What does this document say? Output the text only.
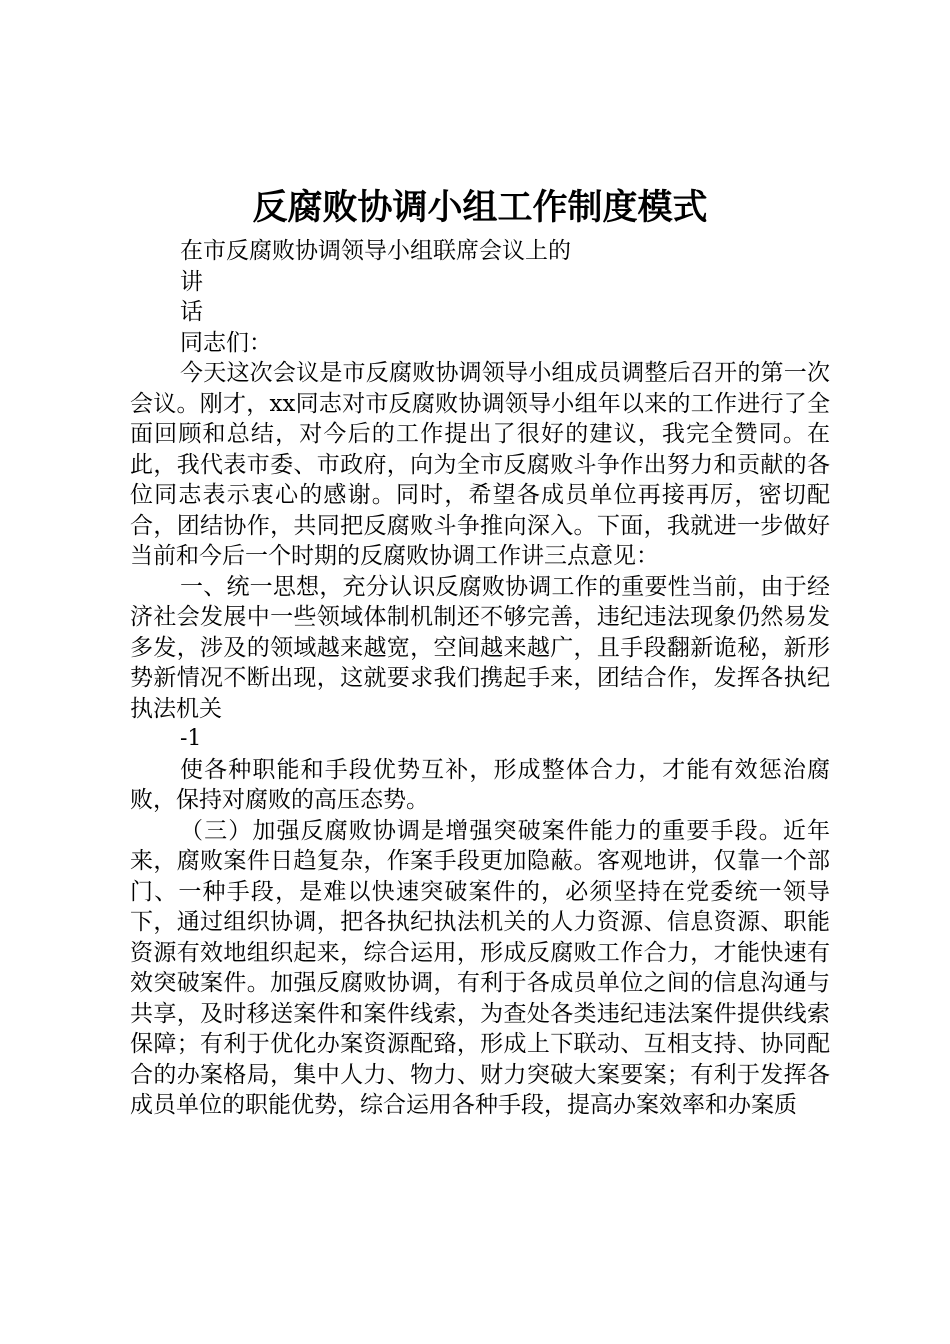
反腐败协调小组工作制度模式

在市反腐败协调领导小组联席会议上的

讲

话

同志们：

今天这次会议是市反腐败协调领导小组成员调整后召开的第一次会议。刚才，xx同志对市反腐败协调领导小组年以来的工作进行了全面回顾和总结，对今后的工作提出了很好的建议，我完全赞同。在此，我代表市委、市政府，向为全市反腐败斗争作出努力和贡献的各位同志表示衷心的感谢。同时，希望各成员单位再接再厉，密切配合，团结协作，共同把反腐败斗争推向深入。下面，我就进一步做好当前和今后一个时期的反腐败协调工作讲三点意见：

一、统一思想，充分认识反腐败协调工作的重要性当前，由于经济社会发展中一些领域体制机制还不够完善，违纪违法现象仍然易发多发，涉及的领域越来越宽，空间越来越广，且手段翻新诡秘，新形势新情况不断出现，这就要求我们携起手来，团结合作，发挥各执纪执法机关

-1

使各种职能和手段优势互补，形成整体合力，才能有效惩治腐败，保持对腐败的高压态势。

（三）加强反腐败协调是增强突破案件能力的重要手段。近年来，腐败案件日趋复杂，作案手段更加隐蔽。客观地讲，仅靠一个部门、一种手段，是难以快速突破案件的，必须坚持在党委统一领导下，通过组织协调，把各执纪执法机关的人力资源、信息资源、职能资源有效地组织起来，综合运用，形成反腐败工作合力，才能快速有效突破案件。加强反腐败协调，有利于各成员单位之间的信息沟通与共享，及时移送案件和案件线索，为查处各类违纪违法案件提供线索保障；有利于优化办案资源配臵，形成上下联动、互相支持、协同配合的办案格局，集中人力、物力、财力突破大案要案；有利于发挥各成员单位的职能优势，综合运用各种手段，提高办案效率和办案质
